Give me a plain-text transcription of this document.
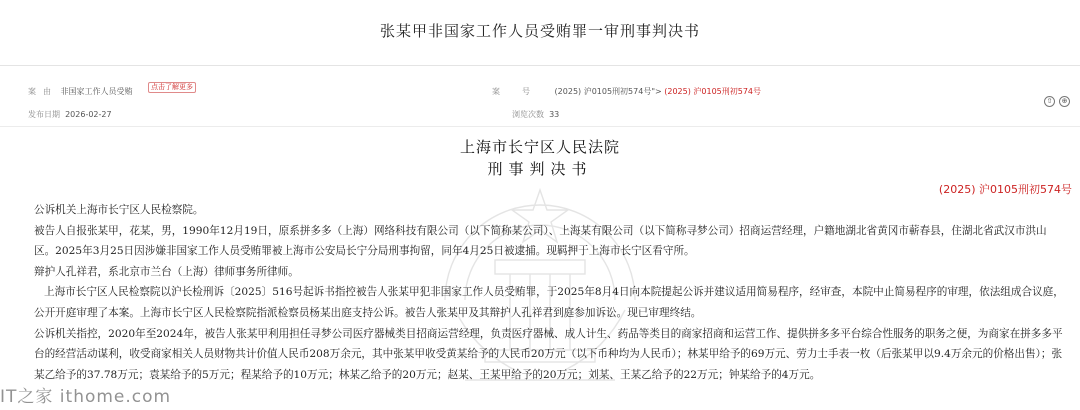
张某甲非国家工作人员受贿罪一审刑事判决书
案由 非国家工作人员受贿	点击了解更多	案号 (2025) 沪0105刑初574号"> (2025) 沪0105刑初574号
发布日期 2026-02-27	浏览次数 33
⇧	⊕
上海市长宁区人民法院
刑事判决书
(2025) 沪0105刑初574号

公诉机关上海市长宁区人民检察院。

被告人自报张某甲，花某，男，1990年12月19日，原系拼多多（上海）网络科技有限公司（以下简称某公司）、上海某有限公司（以下简称寻梦公司）招商运营经理，户籍地湖北省黄冈市蕲春县，住湖北省武汉市洪山区。2025年3月25日因涉嫌非国家工作人员受贿罪被上海市公安局长宁分局刑事拘留，同年4月25日被逮捕。现羁押于上海市长宁区看守所。

辩护人孔祥君，系北京市兰台（上海）律师事务所律师。

上海市长宁区人民检察院以沪长检刑诉〔2025〕516号起诉书指控被告人张某甲犯非国家工作人员受贿罪，于2025年8月4日向本院提起公诉并建议适用简易程序，经审查，本院中止简易程序的审理，依法组成合议庭，公开开庭审理了本案。上海市长宁区人民检察院指派检察员杨某出庭支持公诉。被告人张某甲及其辩护人孔祥君到庭参加诉讼。现已审理终结。

公诉机关指控，2020年至2024年，被告人张某甲利用担任寻梦公司医疗器械类目招商运营经理，负责医疗器械、成人计生、药品等类目的商家招商和运营工作、提供拼多多平台综合性服务的职务之便，为商家在拼多多平台的经营活动谋利，收受商家相关人员财物共计价值人民币208万余元，其中张某甲收受黄某给予的人民币20万元（以下币种均为人民币）；林某甲给予的69万元、劳力士手表一枚（后张某甲以9.4万余元的价格出售）；张某乙给予的37.78万元；袁某给予的5万元；程某给予的10万元；林某乙给予的20万元；赵某、王某甲给予的20万元；刘某、王某乙给予的22万元；钟某给予的4万元。

IT之家 ithome.com
